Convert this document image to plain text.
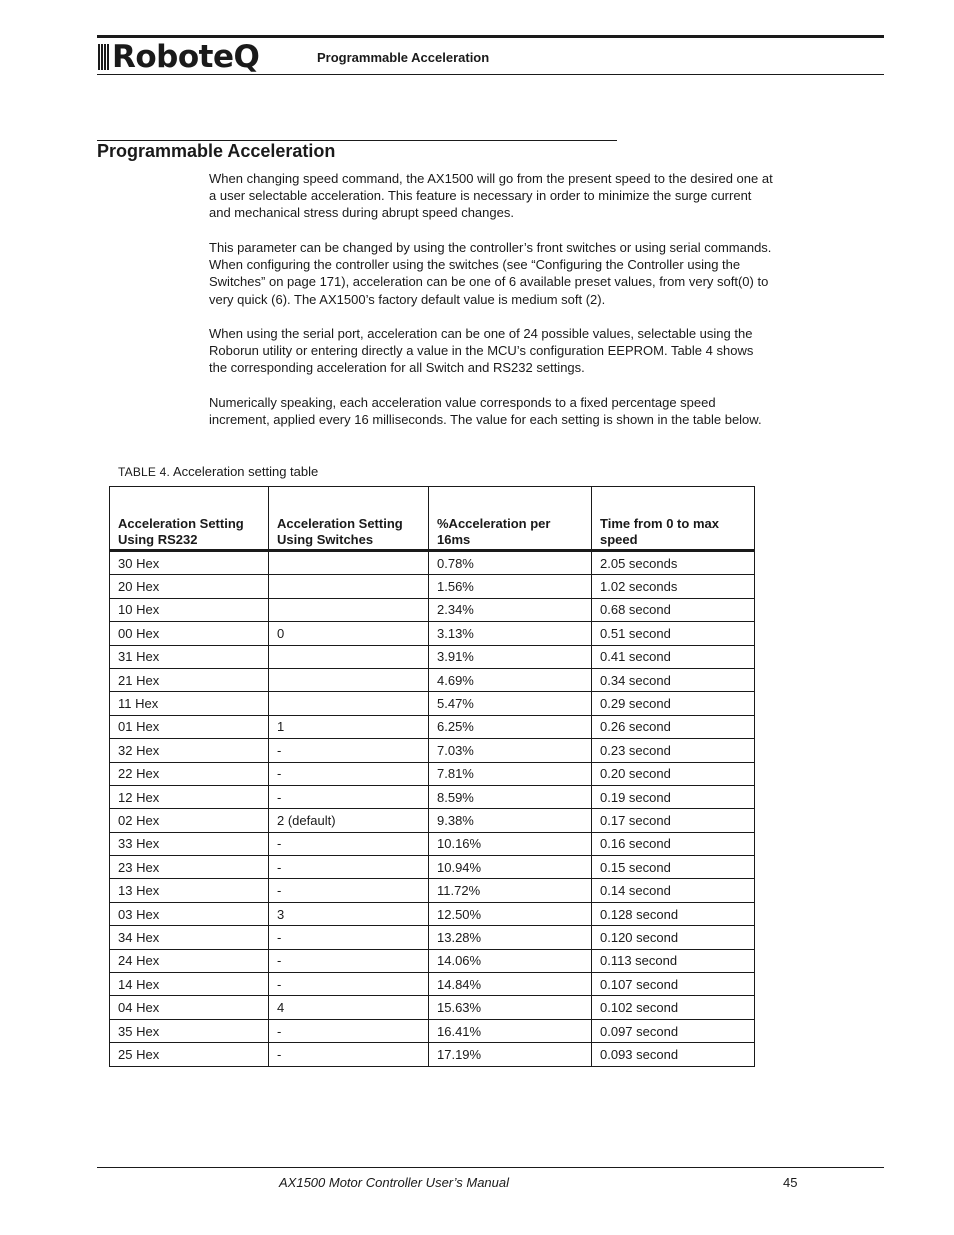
RoboteQ	Programmable Acceleration
Programmable Acceleration

When changing speed command, the AX1500 will go from the present speed to the desired one at a user selectable acceleration. This feature is necessary in order to minimize the surge current and mechanical stress during abrupt speed changes.

This parameter can be changed by using the controller’s front switches or using serial commands. When configuring the controller using the switches (see “Configuring the Controller using the Switches” on page 171), acceleration can be one of 6 available preset values, from very soft(0) to very quick (6). The AX1500’s factory default value is medium soft (2).

When using the serial port, acceleration can be one of 24 possible values, selectable using the Roborun utility or entering directly a value in the MCU’s configuration EEPROM. Table 4 shows the corresponding acceleration for all Switch and RS232 settings.

Numerically speaking, each acceleration value corresponds to a fixed percentage speed increment, applied every 16 milliseconds. The value for each setting is shown in the table below.

TABLE 4. Acceleration setting table
Acceleration Setting Using RS232	Acceleration Setting Using Switches	%Acceleration per 16ms	Time from 0 to max speed
30 Hex		0.78%	2.05 seconds
20 Hex		1.56%	1.02 seconds
10 Hex		2.34%	0.68 second
00 Hex	0	3.13%	0.51 second
31 Hex		3.91%	0.41 second
21 Hex		4.69%	0.34 second
11 Hex		5.47%	0.29 second
01 Hex	1	6.25%	0.26 second
32 Hex	-	7.03%	0.23 second
22 Hex	-	7.81%	0.20 second
12 Hex	-	8.59%	0.19 second
02 Hex	2 (default)	9.38%	0.17 second
33 Hex	-	10.16%	0.16 second
23 Hex	-	10.94%	0.15 second
13 Hex	-	11.72%	0.14 second
03 Hex	3	12.50%	0.128 second
34 Hex	-	13.28%	0.120 second
24 Hex	-	14.06%	0.113 second
14 Hex	-	14.84%	0.107 second
04 Hex	4	15.63%	0.102 second
35 Hex	-	16.41%	0.097 second
25 Hex	-	17.19%	0.093 second
AX1500 Motor Controller User’s Manual	45
